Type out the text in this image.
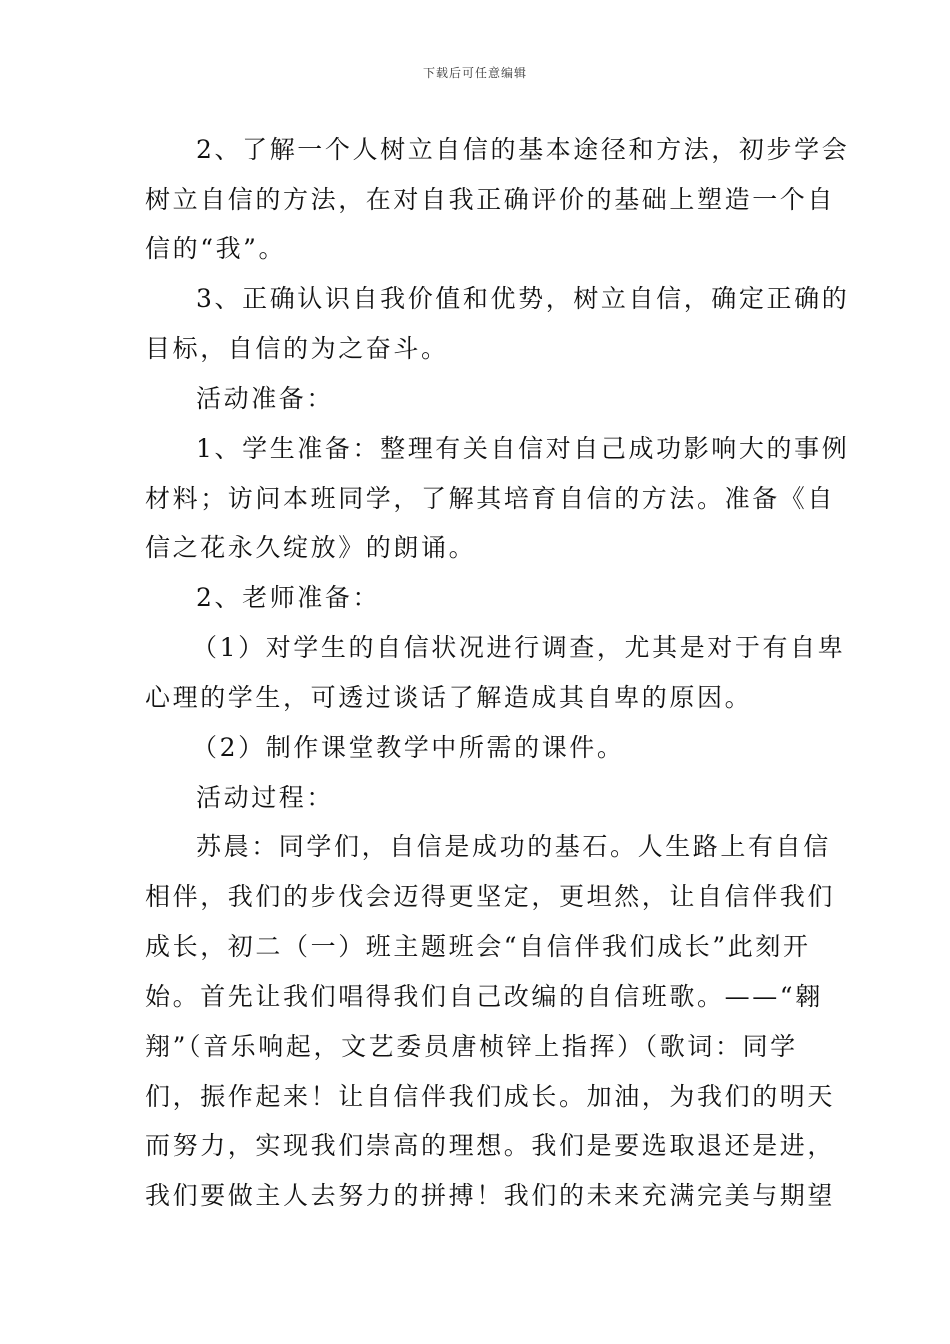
下载后可任意编辑
2、了解一个人树立自信的基本途径和方法，初步学会
树立自信的方法，在对自我正确评价的基础上塑造一个自
信的“我”。
3、正确认识自我价值和优势，树立自信，确定正确的
目标，自信的为之奋斗。
活动准备：
1、学生准备：整理有关自信对自己成功影响大的事例
材料；访问本班同学，了解其培育自信的方法。准备《自
信之花永久绽放》的朗诵。
2、老师准备：
（1）对学生的自信状况进行调查，尤其是对于有自卑
心理的学生，可透过谈话了解造成其自卑的原因。
（2）制作课堂教学中所需的课件。
活动过程：
苏晨：同学们，自信是成功的基石。人生路上有自信
相伴，我们的步伐会迈得更坚定，更坦然，让自信伴我们
成长，初二（一）班主题班会“自信伴我们成长”此刻开
始。首先让我们唱得我们自己改编的自信班歌。——“翱
翔”（音乐响起，文艺委员唐桢锌上指挥）（歌词：同学
们，振作起来！让自信伴我们成长。加油，为我们的明天
而努力，实现我们崇高的理想。我们是要选取退还是进，
我们要做主人去努力的拼搏！我们的未来充满完美与期望
